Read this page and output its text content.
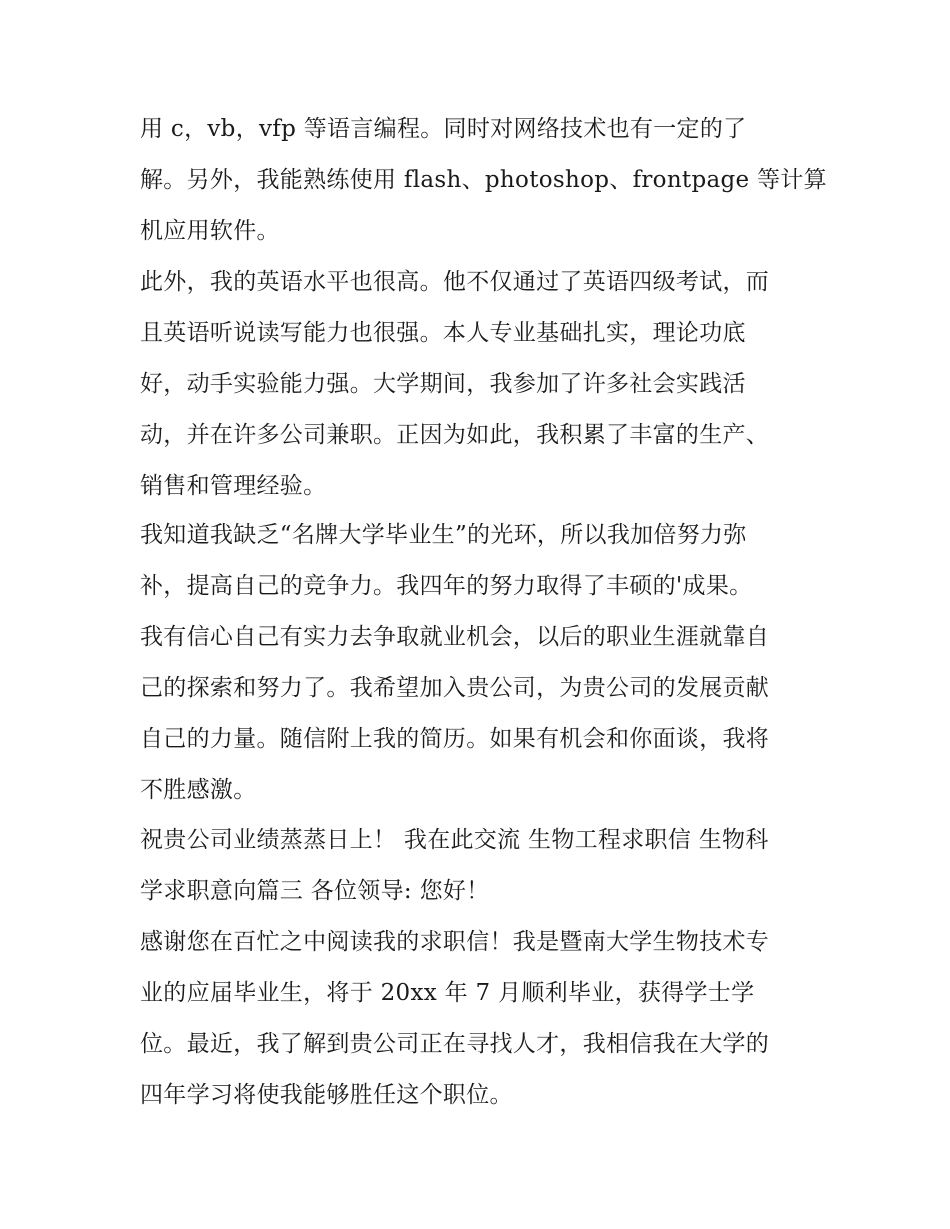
用 c，vb，vfp 等语言编程。同时对网络技术也有一定的了
解。另外，我能熟练使用 flash、photoshop、frontpage 等计算
机应用软件。
此外，我的英语水平也很高。他不仅通过了英语四级考试，而
且英语听说读写能力也很强。本人专业基础扎实，理论功底
好，动手实验能力强。大学期间，我参加了许多社会实践活
动，并在许多公司兼职。正因为如此，我积累了丰富的生产、
销售和管理经验。
我知道我缺乏“名牌大学毕业生”的光环，所以我加倍努力弥
补，提高自己的竞争力。我四年的努力取得了丰硕的'成果。
我有信心自己有实力去争取就业机会，以后的职业生涯就靠自
己的探索和努力了。我希望加入贵公司，为贵公司的发展贡献
自己的力量。随信附上我的简历。如果有机会和你面谈，我将
不胜感激。
祝贵公司业绩蒸蒸日上！ 我在此交流 生物工程求职信 生物科
学求职意向篇三 各位领导: 您好！
感谢您在百忙之中阅读我的求职信！我是暨南大学生物技术专
业的应届毕业生，将于 20xx 年 7 月顺利毕业，获得学士学
位。最近，我了解到贵公司正在寻找人才，我相信我在大学的
四年学习将使我能够胜任这个职位。
